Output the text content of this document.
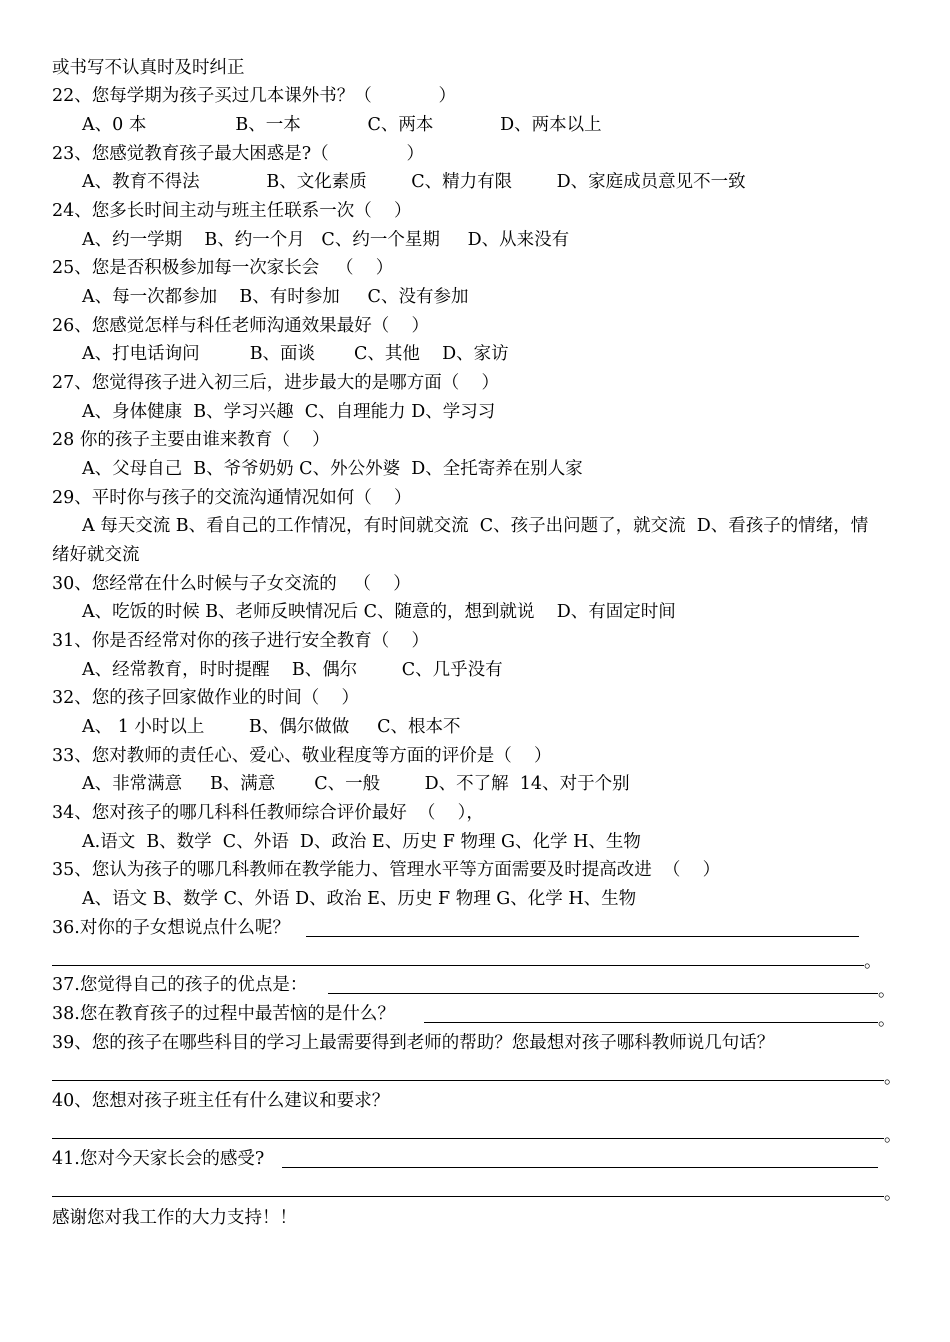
或书写不认真时及时纠正
22、您每学期为孩子买过几本课外书？（            ）
A、0 本                B、一本            C、两本            D、两本以上
23、您感觉教育孩子最大困惑是?（              ）
A、教育不得法            B、文化素质        C、精力有限        D、家庭成员意见不一致
24、您多长时间主动与班主任联系一次（    ）
A、约一学期    B、约一个月   C、约一个星期     D、从来没有
25、您是否积极参加每一次家长会   （    ）
A、每一次都参加    B、有时参加     C、没有参加
26、您感觉怎样与科任老师沟通效果最好（    ）
A、打电话询问         B、面谈       C、其他    D、家访
27、您觉得孩子进入初三后，进步最大的是哪方面（    ）
A、身体健康  B、学习兴趣  C、自理能力 D、学习习
28 你的孩子主要由谁来教育（    ）
A、父母自己  B、爷爷奶奶 C、外公外婆  D、全托寄养在别人家
29、平时你与孩子的交流沟通情况如何（    ）
A 每天交流 B、看自己的工作情况，有时间就交流  C、孩子出问题了，就交流  D、看孩子的情绪，情
绪好就交流
30、您经常在什么时候与子女交流的   （    ）
A、吃饭的时候 B、老师反映情况后 C、随意的，想到就说    D、有固定时间
31、你是否经常对你的孩子进行安全教育（    ）
A、经常教育，时时提醒    B、偶尔        C、几乎没有
32、您的孩子回家做作业的时间（    ）
A、 1 小时以上        B、偶尔做做     C、根本不
33、您对教师的责任心、爱心、敬业程度等方面的评价是（    ）
A、非常满意     B、满意       C、一般        D、不了解  14、对于个别
34、您对孩子的哪几科科任教师综合评价最好  （    ），
A.语文  B、数学  C、外语  D、政治 E、历史 F 物理 G、化学 H、生物
35、您认为孩子的哪几科教师在教学能力、管理水平等方面需要及时提高改进  （    ）
A、语文 B、数学 C、外语 D、政治 E、历史 F 物理 G、化学 H、生物
36.对你的子女想说点什么呢？
。
37.您觉得自己的孩子的优点是：	。
38.您在教育孩子的过程中最苦恼的是什么？	。
39、您的孩子在哪些科目的学习上最需要得到老师的帮助？您最想对孩子哪科教师说几句话？
。
40、您想对孩子班主任有什么建议和要求？
。
41.您对今天家长会的感受?
。
感谢您对我工作的大力支持！！
